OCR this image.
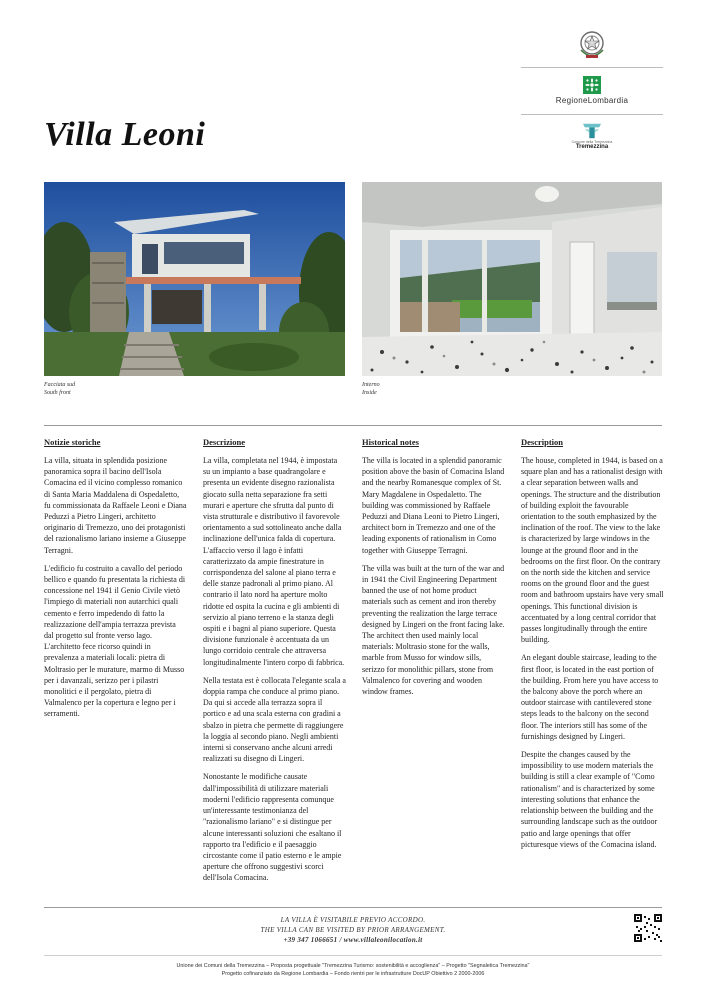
RegioneLombardia
Comune della Tremezzina
Tremezzina
Villa Leoni
Facciata sud
South front
Interno
Inside
Notizie storiche

La villa, situata in splendida posizione panoramica sopra il bacino dell'Isola Comacina ed il vicino complesso romanico di Santa Maria Maddalena di Ospedaletto, fu commissionata da Raffaele Leoni e Diana Peduzzi a Pietro Lingeri, architetto originario di Tremezzo, uno dei protagonisti del razionalismo lariano insieme a Giuseppe Terragni.

L'edificio fu costruito a cavallo del periodo bellico e quando fu presentata la richiesta di concessione nel 1941 il Genio Civile vietò l'impiego di materiali non autarchici quali cemento e ferro impedendo di fatto la realizzazione dell'ampia terrazza prevista dal progetto sul fronte verso lago. L'architetto fece ricorso quindi in prevalenza a materiali locali: pietra di Moltrasio per le murature, marmo di Musso per i davanzali, serizzo per i pilastri monolitici e il pergolato, pietra di Valmalenco per la copertura e legno per i serramenti.

Descrizione

La villa, completata nel 1944, è impostata su un impianto a base quadrangolare e presenta un evidente disegno razionalista giocato sulla netta separazione fra setti murari e aperture che sfrutta dal punto di vista strutturale e distributivo il favorevole orientamento a sud sottolineato anche dalla inclinazione dell'unica falda di copertura. L'affaccio verso il lago è infatti caratterizzato da ampie finestrature in corrispondenza del salone al piano terra e delle stanze padronali al primo piano. Al contrario il lato nord ha aperture molto ridotte ed ospita la cucina e gli ambienti di servizio al piano terreno e la stanza degli ospiti e i bagni al piano superiore. Questa divisione funzionale è accentuata da un lungo corridoio centrale che attraversa longitudinalmente l'intero corpo di fabbrica.

Nella testata est è collocata l'elegante scala a doppia rampa che conduce al primo piano. Da qui si accede alla terrazza sopra il portico e ad una scala esterna con gradini a sbalzo in pietra che permette di raggiungere la loggia al secondo piano. Negli ambienti interni si conservano anche alcuni arredi realizzati su disegno di Lingeri.

Nonostante le modifiche causate dall'impossibilità di utilizzare materiali moderni l'edificio rappresenta comunque un'interessante testimonianza del "razionalismo lariano" e si distingue per alcune interessanti soluzioni che esaltano il rapporto tra l'edificio e il paesaggio circostante come il patio esterno e le ampie aperture che offrono suggestivi scorci dell'Isola Comacina.

Historical notes

The villa is located in a splendid panoramic position above the basin of Comacina Island and the nearby Romanesque complex of St. Mary Magdalene in Ospedaletto. The building was commissioned by Raffaele Peduzzi and Diana Leoni to Pietro Lingeri, architect born in Tremezzo and one of the leading exponents of rationalism in Como together with Giuseppe Terragni.

The villa was built at the turn of the war and in 1941 the Civil Engineering Department banned the use of not home product materials such as cement and iron thereby preventing the realization the large terrace designed by Lingeri on the front facing lake. The architect then used mainly local materials: Moltrasio stone for the walls, marble from Musso for window sills, serizzo for monolithic pillars, stone from Valmalenco for covering and wooden window frames.

Description

The house, completed in 1944, is based on a square plan and has a rationalist design with a clear separation between walls and openings. The structure and the distribution of building exploit the favourable orientation to the south emphasized by the inclination of the roof. The view to the lake is characterized by large windows in the lounge at the ground floor and in the bedrooms on the first floor. On the contrary on the north side the kitchen and service rooms on the ground floor and the guest room and bathroom upstairs have very small openings. This functional division is accentuated by a long central corridor that passes longitudinally through the entire building.

An elegant double staircase, leading to the first floor, is located in the east portion of the building. From here you have access to the balcony above the porch where an outdoor staircase with cantilevered stone steps leads to the balcony on the second floor. The interiors still has some of the furnishings designed by Lingeri.

Despite the changes caused by the impossibility to use modern materials the building is still a clear example of "Como rationalism" and is characterized by some interesting solutions that enhance the relationship between the building and the surrounding landscape such as the outdoor patio and large openings that offer picturesque views of the Comacina island.

LA VILLA È VISITABILE PREVIO ACCORDO.
THE VILLA CAN BE VISITED BY PRIOR ARRANGEMENT.
+39 347 1066651 / www.villaleonilocation.it
Unione dei Comuni della Tremezzina – Proposta progettuale "Tremezzina Turismo: sostenibilità e accoglienza" – Progetto "Segnaletica Tremezzina"
Progetto cofinanziato da Regione Lombardia – Fondo rientri per le infrastrutture DocUP Obiettivo 2 2000-2006
